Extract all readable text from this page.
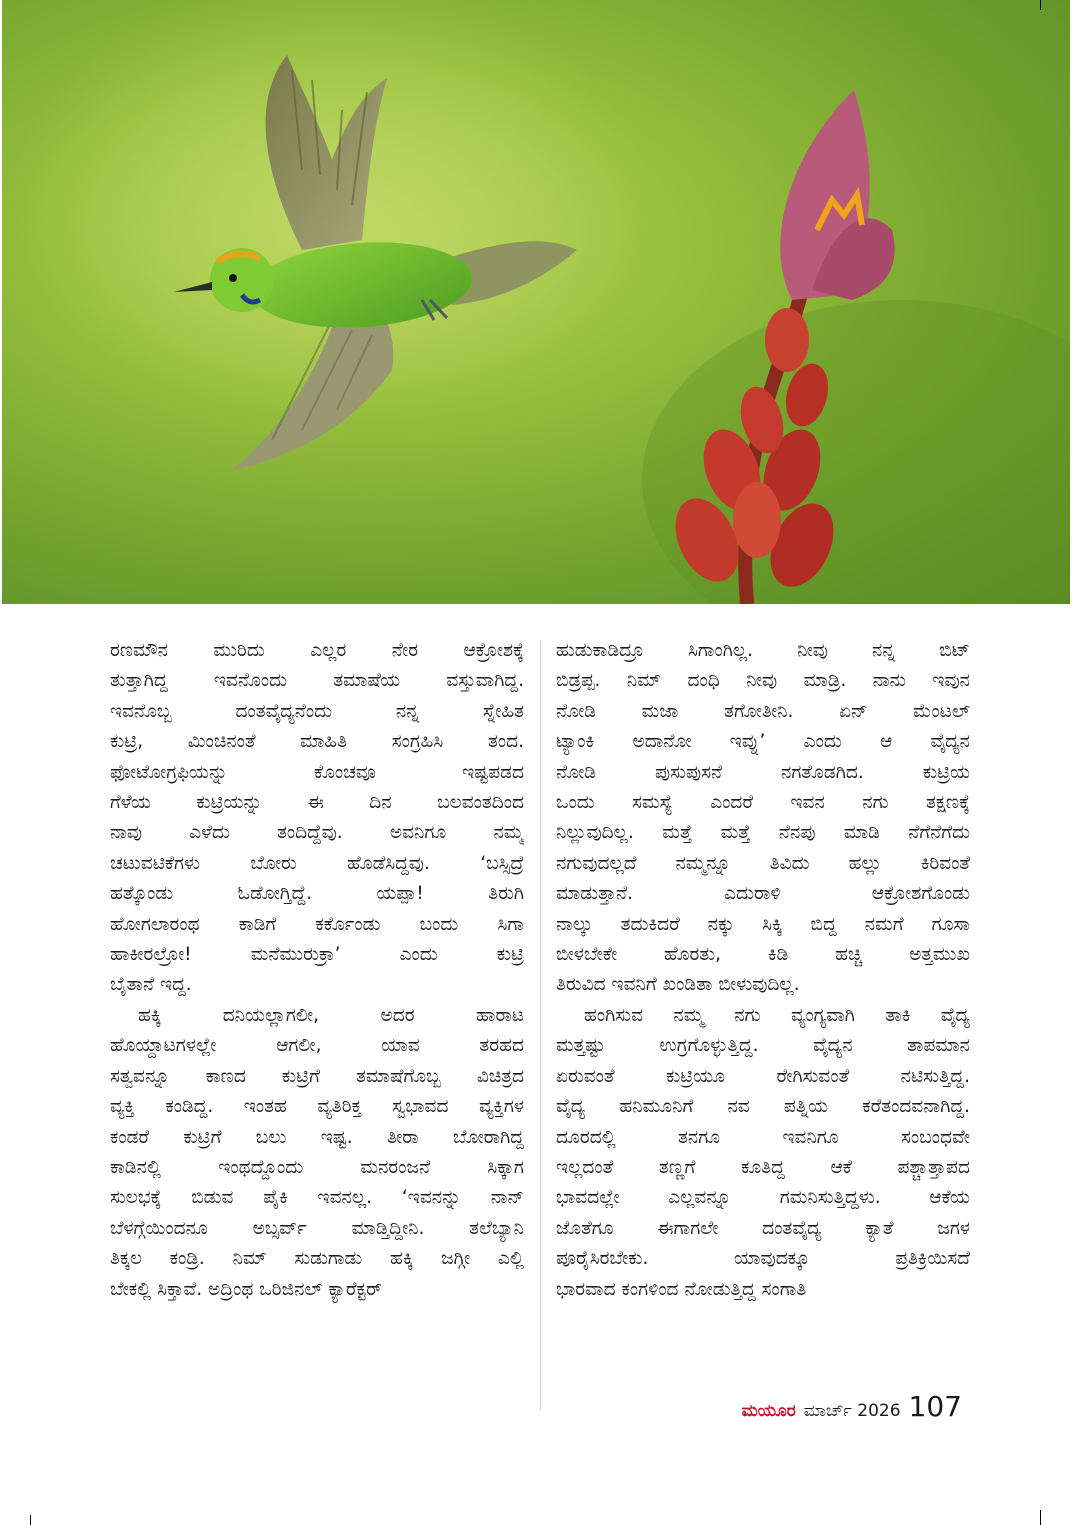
ರಣಮೌನ ಮುರಿದು ಎಲ್ಲರ ನೇರ ಆಕ್ರೋಶಕ್ಕೆ
ತುತ್ತಾಗಿದ್ದ ಇವನೊಂದು ತಮಾಷೆಯ ವಸ್ತುವಾಗಿದ್ದ.
ಇವನೊಬ್ಬ ದಂತವೈದ್ಯನೆಂದು ನನ್ನ ಸ್ನೇಹಿತ
ಕುಟ್ರಿ, ಮಿಂಚಿನಂತೆ ಮಾಹಿತಿ ಸಂಗ್ರಹಿಸಿ ತಂದ.
ಫೋಟೋಗ್ರಫಿಯನ್ನು ಕೊಂಚವೂ ಇಷ್ಟಪಡದ
ಗೆಳೆಯ ಕುಟ್ರಿಯನ್ನು ಈ ದಿನ ಬಲವಂತದಿಂದ
ನಾವು ಎಳೆದು ತಂದಿದ್ದೆವು. ಅವನಿಗೂ ನಮ್ಮ
ಚಟುವಟಿಕೆಗಳು ಬೋರು ಹೊಡೆಸಿದ್ದವು. ‘ಬಸ್ಸಿದ್ರೆ
ಹತ್ಕೊಂಡು ಓಡೋಗ್ತಿದ್ದೆ. ಯಪ್ಪಾ! ತಿರುಗಿ
ಹೋಗಲಾರಂಥ ಕಾಡಿಗೆ ಕರ್ಕೊಂಡು ಬಂದು ಸಿಗಾ
ಹಾಕೀರಲ್ರೋ! ಮನೆಮುರುಕ್ರಾ’ ಎಂದು ಕುಟ್ರಿ
ಬೈತಾನೆ ಇದ್ದ.

ಹಕ್ಕಿ ದನಿಯಲ್ಲಾಗಲೀ, ಅದರ ಹಾರಾಟ
ಹೊಯ್ದಾಟಗಳಲ್ಲೇ ಆಗಲೀ, ಯಾವ ತರಹದ
ಸತ್ವವನ್ನೂ ಕಾಣದ ಕುಟ್ರಿಗೆ ತಮಾಷೆಗೊಬ್ಬ ವಿಚಿತ್ರದ
ವ್ಯಕ್ತಿ ಕಂಡಿದ್ದ. ಇಂತಹ ವ್ಯತಿರಿಕ್ತ ಸ್ವಭಾವದ ವ್ಯಕ್ತಿಗಳ
ಕಂಡರೆ ಕುಟ್ರಿಗೆ ಬಲು ಇಷ್ಟ. ತೀರಾ ಬೋರಾಗಿದ್ದ
ಕಾಡಿನಲ್ಲಿ ಇಂಥದ್ದೊಂದು ಮನರಂಜನೆ ಸಿಕ್ಕಾಗ
ಸುಲಭಕ್ಕೆ ಬಿಡುವ ಪೈಕಿ ಇವನಲ್ಲ. ‘ಇವನನ್ನು ನಾನ್
ಬೆಳಗ್ಗೆಯಿಂದನೂ ಅಬ್ಸರ್ವ್ ಮಾಡ್ತಿದ್ದೀನಿ. ತಲೆಬ್ಯಾನಿ
ತಿಕ್ಕಲ ಕಂಡ್ರಿ. ನಿಮ್ ಸುಡುಗಾಡು ಹಕ್ಕಿ ಜಗ್ಗೀ ಎಲ್ಲಿ
ಬೇಕಲ್ಲಿ ಸಿಕ್ತಾವೆ. ಅದ್ರಿಂಥ ಒರಿಜಿನಲ್ ಕ್ಯಾರೆಕ್ಟರ್

ಹುಡುಕಾಡಿದ್ರೂ ಸಿಗಾಂಗಿಲ್ಲ. ನೀವು ನನ್ನ ಬಿಟ್
ಬಿಡ್ರಪ್ಪ. ನಿಮ್ ದಂಧಿ ನೀವು ಮಾಡ್ರಿ. ನಾನು ಇವುನ
ನೋಡಿ ಮಜಾ ತಗೋತೀನಿ. ಏನ್ ಮೆಂಟಲ್
ಟ್ಯಾಂಕಿ ಅದಾನೋ ಇವ್ನು’ ಎಂದು ಆ ವೈದ್ಯನ
ನೋಡಿ ಪುಸುಪುಸನೆ ನಗತೊಡಗಿದ. ಕುಟ್ರಿಯ
ಒಂದು ಸಮಸ್ಯೆ ಎಂದರೆ ಇವನ ನಗು ತಕ್ಷಣಕ್ಕೆ
ನಿಲ್ಲುವುದಿಲ್ಲ. ಮತ್ತೆ ಮತ್ತೆ ನೆನಪು ಮಾಡಿ ನೆಗೆನೆಗೆದು
ನಗುವುದಲ್ಲದೆ ನಮ್ಮನ್ನೂ ತಿವಿದು ಹಲ್ಲು ಕಿರಿವಂತೆ
ಮಾಡುತ್ತಾನೆ. ಎದುರಾಳಿ ಆಕ್ರೋಶಗೊಂಡು
ನಾಲ್ಕು ತದುಕಿದರೆ ನಕ್ಕು ಸಿಕ್ಕಿ ಬಿದ್ದ ನಮಗೆ ಗೂಸಾ
ಬೀಳಬೇಕೇ ಹೊರತು, ಕಿಡಿ ಹಚ್ಚಿ ಅತ್ತಮುಖ
ತಿರುವಿದ ಇವನಿಗೆ ಖಂಡಿತಾ ಬೀಳುವುದಿಲ್ಲ.

ಹಂಗಿಸುವ ನಮ್ಮ ನಗು ವ್ಯಂಗ್ಯವಾಗಿ ತಾಕಿ ವೈದ್ಯ
ಮತ್ತಷ್ಟು ಉಗ್ರಗೊಳ್ಳುತ್ತಿದ್ದ. ವೈದ್ಯನ ತಾಪಮಾನ
ಏರುವಂತೆ ಕುಟ್ರಿಯೂ ರೇಗಿಸುವಂತೆ ನಟಿಸುತ್ತಿದ್ದ.
ವೈದ್ಯ ಹನಿಮೂನಿಗೆ ನವ ಪತ್ನಿಯ ಕರೆತಂದವನಾಗಿದ್ದ.
ದೂರದಲ್ಲಿ ತನಗೂ ಇವನಿಗೂ ಸಂಬಂಧವೇ
ಇಲ್ಲದಂತೆ ತಣ್ಣಗೆ ಕೂತಿದ್ದ ಆಕೆ ಪಶ್ಚಾತ್ತಾಪದ
ಭಾವದಲ್ಲೇ ಎಲ್ಲವನ್ನೂ ಗಮನಿಸುತ್ತಿದ್ದಳು. ಆಕೆಯ
ಜೊತೆಗೂ ಈಗಾಗಲೇ ದಂತವೈದ್ಯ ಕ್ಯಾತೆ ಜಗಳ
ಪೂರೈಸಿರಬೇಕು. ಯಾವುದಕ್ಕೂ ಪ್ರತಿಕ್ರಿಯಿಸದೆ
ಭಾರವಾದ ಕಂಗಳಿಂದ ನೋಡುತ್ತಿದ್ದ ಸಂಗಾತಿ

ಮಯೂರ ಮಾರ್ಚ್ 2026 107
